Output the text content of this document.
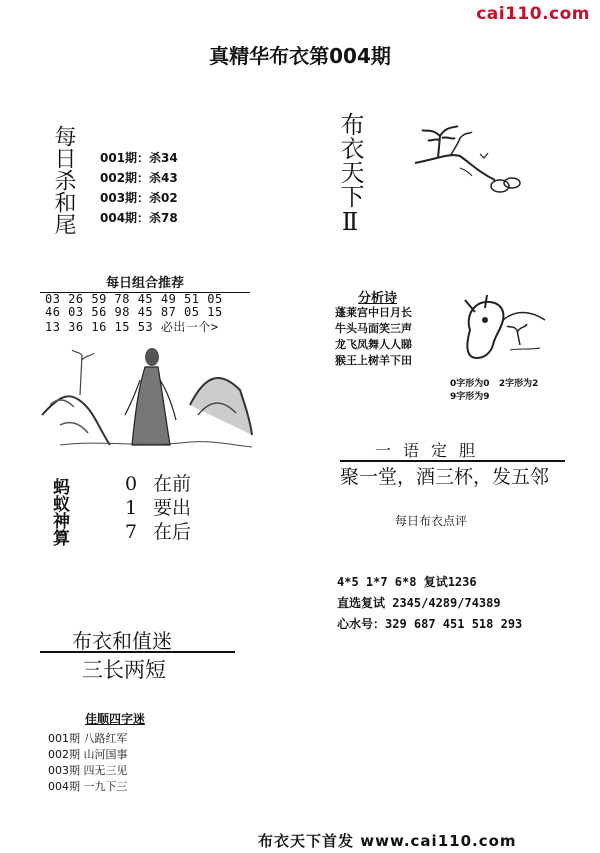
cai110.com
真精华布衣第004期
每日杀和尾 001期：杀34
002期：杀43
003期：杀02
004期：杀78	布衣天下Ⅱ
每日组合推荐
03 26 59 78 45 49 51 05
46 03 56 98 45 87 05 15
13 36 16 15 53 必出一个>
分析诗
蓬莱宫中日月长
牛头马面笑三声
龙飞凤舞人人睇
猴王上树羊下田
0字形为0   2字形为2
9字形为9
一语定胆
聚一堂，酒三杯，发五邻
每日布衣点评
4*5 1*7 6*8 复试1236
直选复试 2345/4289/74389
心水号：329 687 451 518 293
蚂蚁神算	0 在前
1 要出
7 在后
布衣和值迷
三长两短
佳顺四字迷
001期 八路红军
002期 山河国事
003期 四无三见
004期 一九下三
布衣天下首发 www.cai110.com
